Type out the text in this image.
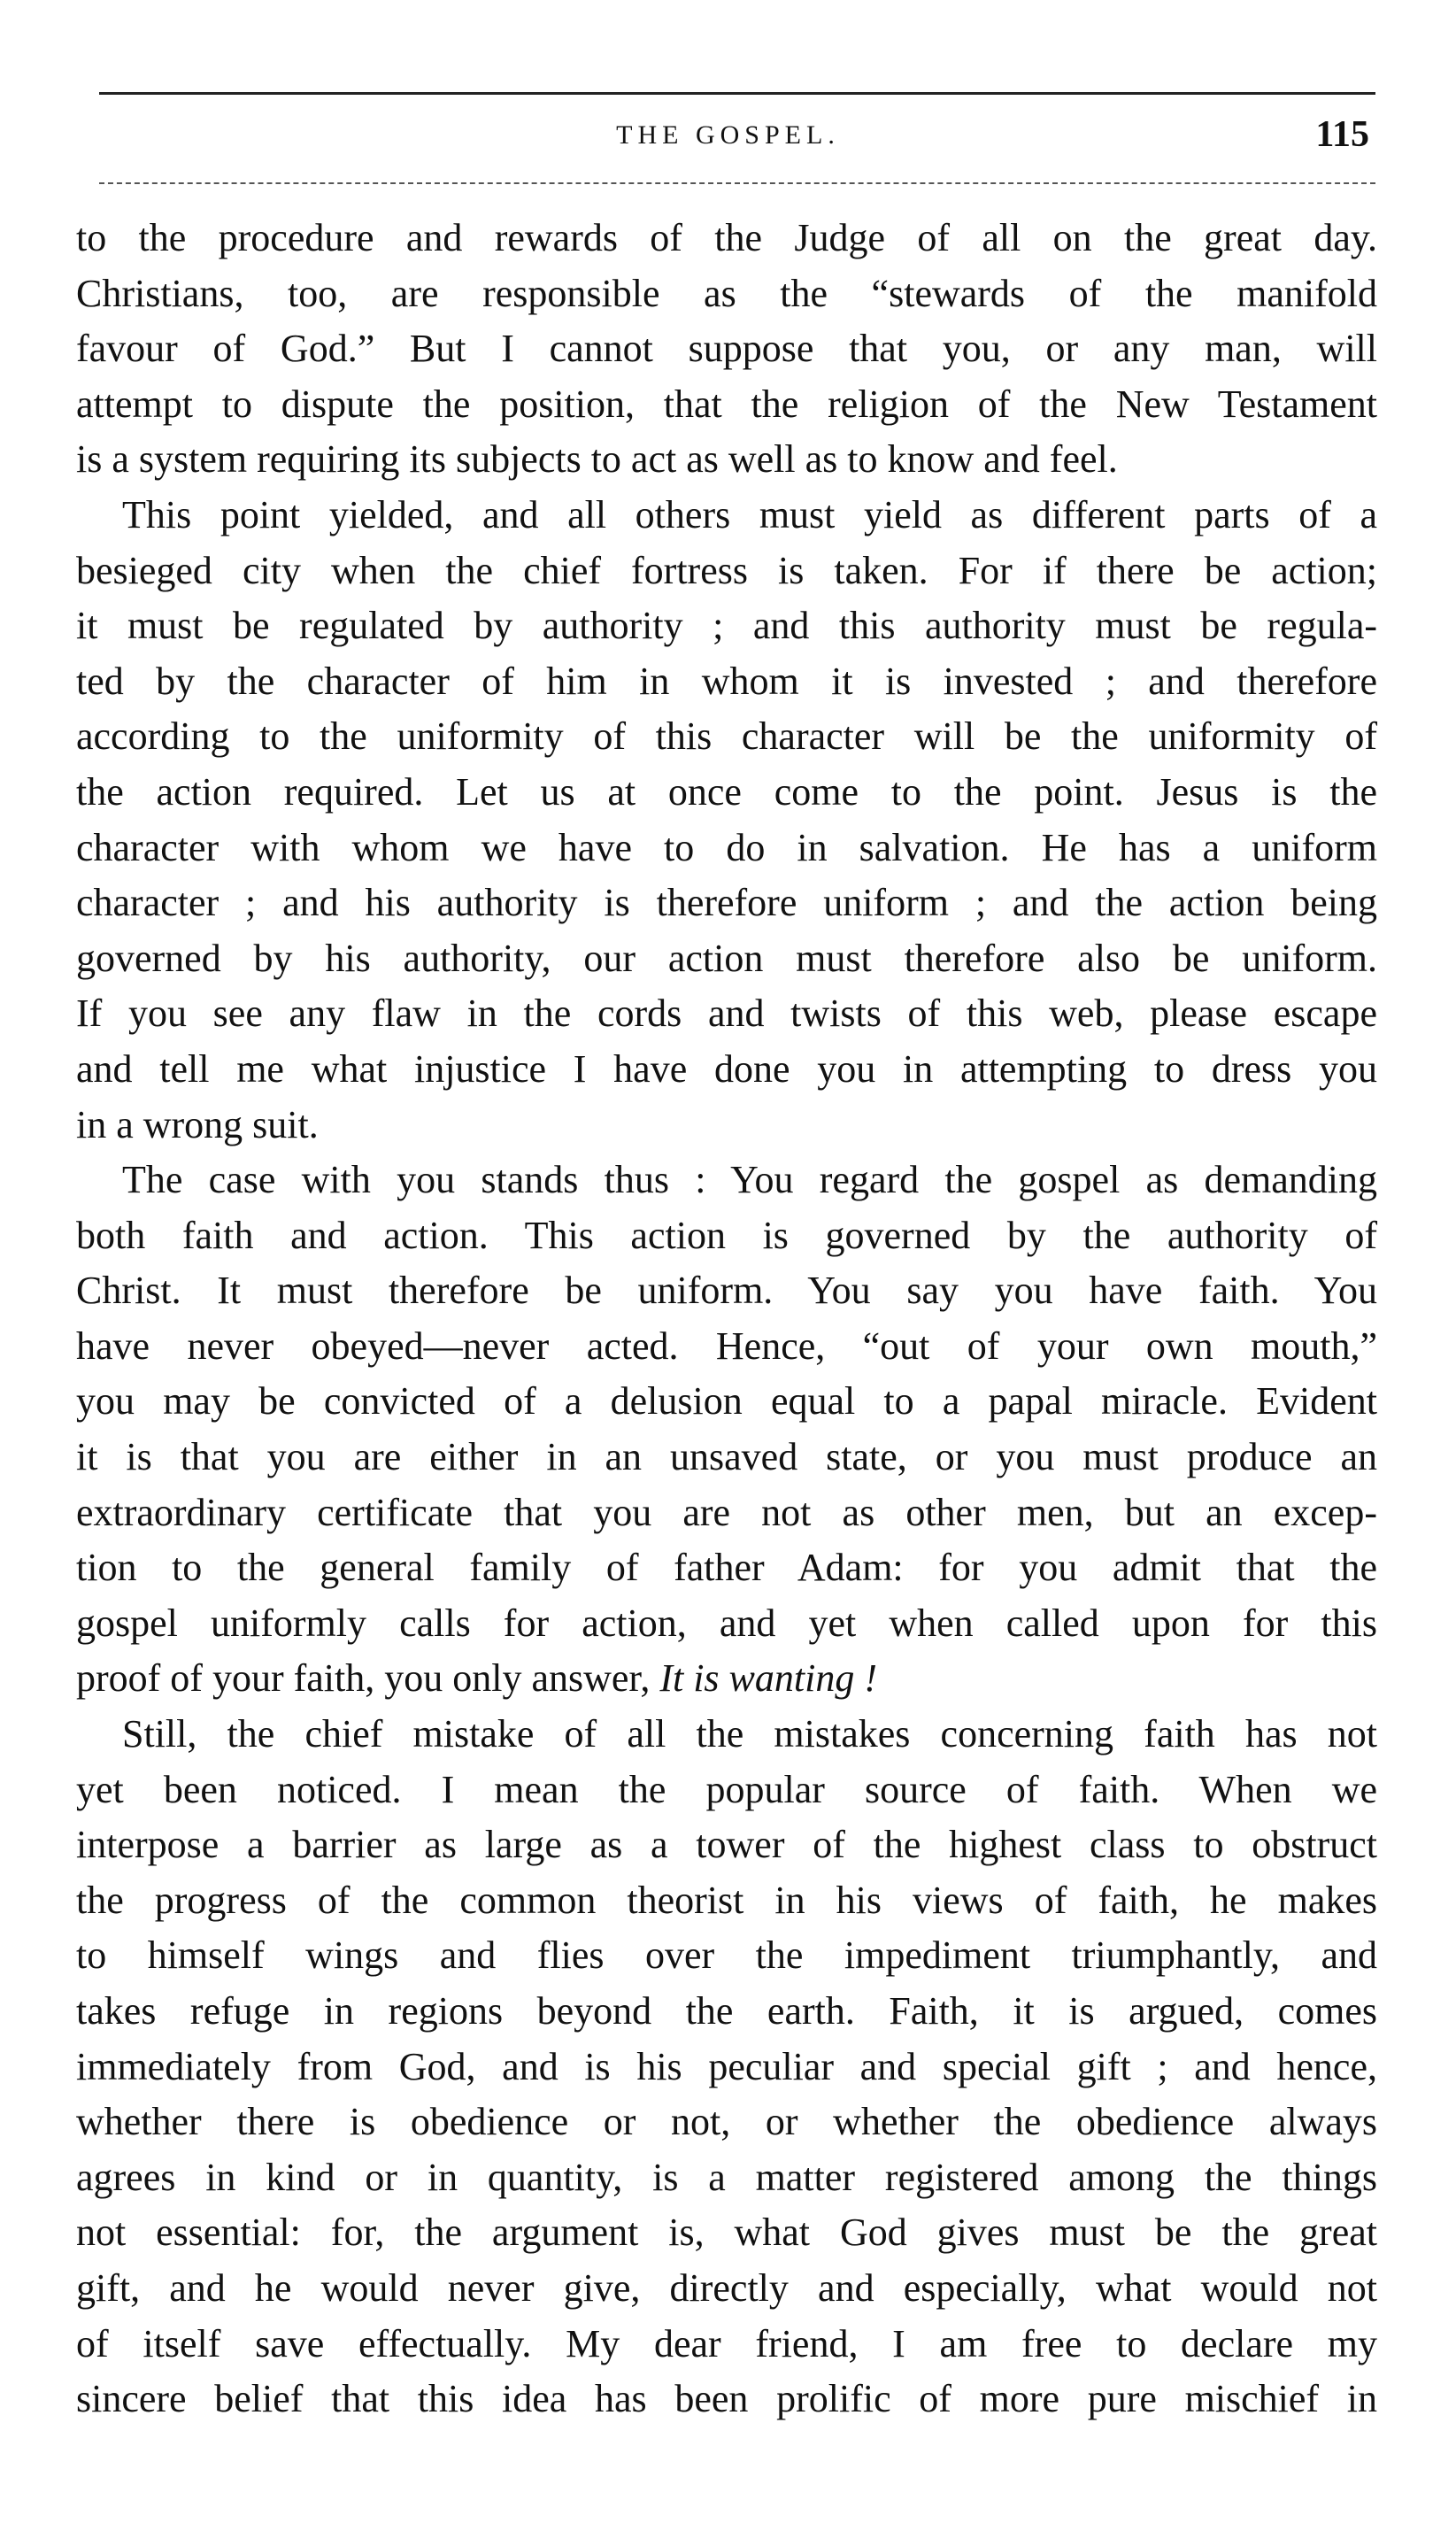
THE GOSPEL.	115
to the procedure and rewards of the Judge of all on the great day.
Christians, too, are responsible as the “stewards of the manifold
favour of God.” But I cannot suppose that you, or any man, will
attempt to dispute the position, that the religion of the New Testament
is a system requiring its subjects to act as well as to know and feel.
This point yielded, and all others must yield as different parts of a
besieged city when the chief fortress is taken. For if there be action;
it must be regulated by authority ; and this authority must be regula-
ted by the character of him in whom it is invested ; and therefore
according to the uniformity of this character will be the uniformity of
the action required. Let us at once come to the point. Jesus is the
character with whom we have to do in salvation. He has a uniform
character ; and his authority is therefore uniform ; and the action being
governed by his authority, our action must therefore also be uniform.
If you see any flaw in the cords and twists of this web, please escape
and tell me what injustice I have done you in attempting to dress you
in a wrong suit.
The case with you stands thus : You regard the gospel as demanding
both faith and action. This action is governed by the authority of
Christ. It must therefore be uniform. You say you have faith. You
have never obeyed—never acted. Hence, “out of your own mouth,”
you may be convicted of a delusion equal to a papal miracle. Evident
it is that you are either in an unsaved state, or you must produce an
extraordinary certificate that you are not as other men, but an excep-
tion to the general family of father Adam: for you admit that the
gospel uniformly calls for action, and yet when called upon for this
proof of your faith, you only answer, It is wanting !
Still, the chief mistake of all the mistakes concerning faith has not
yet been noticed. I mean the popular source of faith. When we
interpose a barrier as large as a tower of the highest class to obstruct
the progress of the common theorist in his views of faith, he makes
to himself wings and flies over the impediment triumphantly, and
takes refuge in regions beyond the earth. Faith, it is argued, comes
immediately from God, and is his peculiar and special gift ; and hence,
whether there is obedience or not, or whether the obedience always
agrees in kind or in quantity, is a matter registered among the things
not essential: for, the argument is, what God gives must be the great
gift, and he would never give, directly and especially, what would not
of itself save effectually. My dear friend, I am free to declare my
sincere belief that this idea has been prolific of more pure mischief in
